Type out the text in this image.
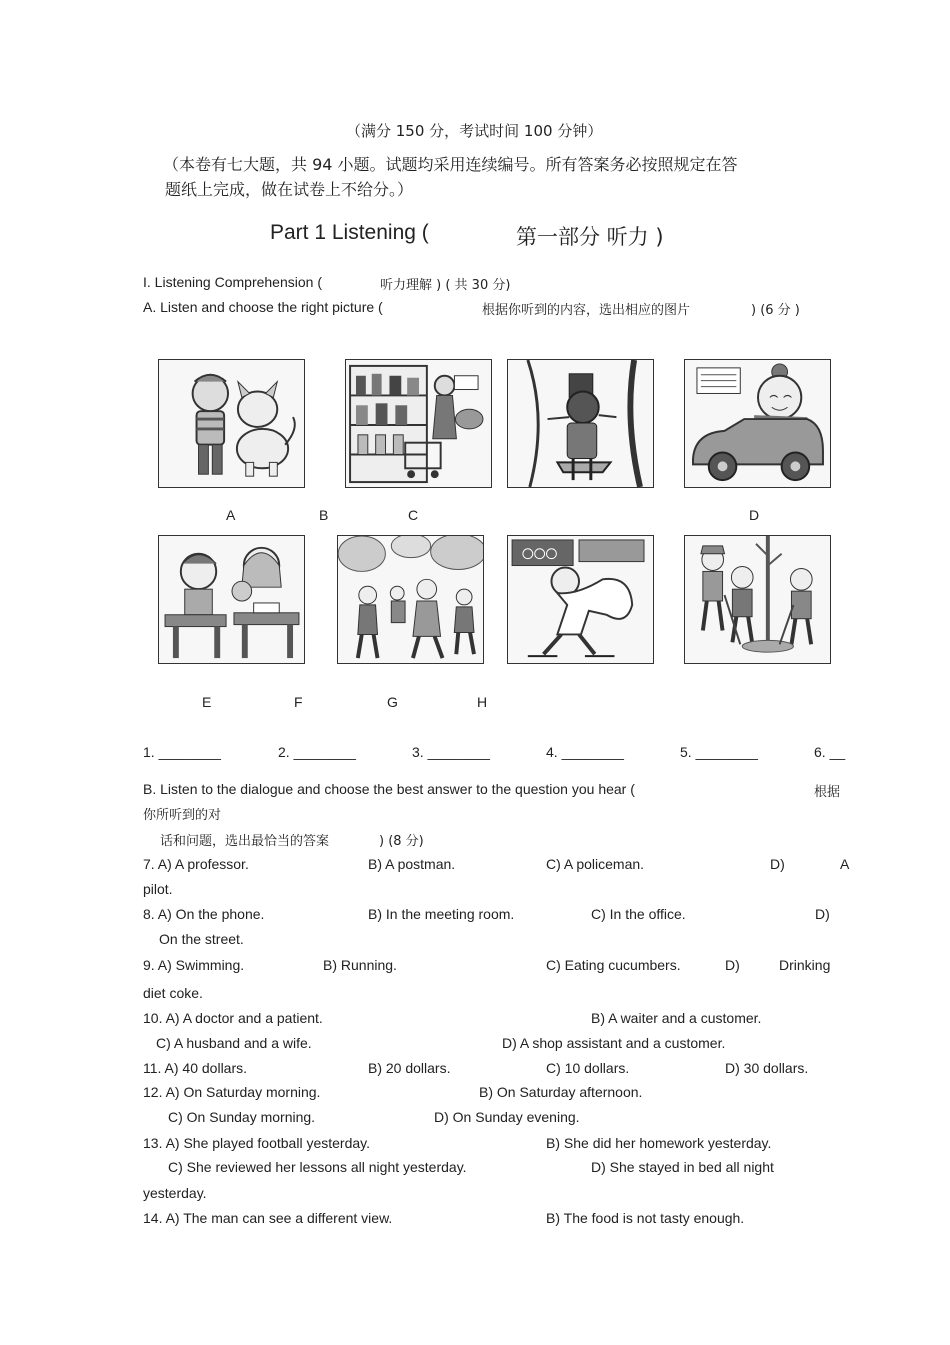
（满分 150 分，考试时间 100 分钟）
（本卷有七大题，共 94 小题。试题均采用连续编号。所有答案务必按照规定在答
题纸上完成，做在试卷上不给分。）
Part 1 Listening (	第一部分 听力 )
I. Listening Comprehension (	听力理解 ) ( 共 30 分)
A. Listen and choose the right picture (	根据你听到的内容，选出相应的图片	) (6 分 )
A	B	C	D
E	F	G	H
1. ________	2. ________	3. ________	4. ________	5. ________	6. __
B. Listen to the dialogue and choose the best answer to the question you hear (	根据
你所听到的对
话和问题，选出最恰当的答案	) (8 分)
7. A) A professor.	B) A postman.	C) A policeman.	D)	A
pilot.
8. A) On the phone.	B) In the meeting room.	C) In the office.	D)
On the street.
9. A) Swimming.	B) Running.	C) Eating cucumbers.	D)	Drinking
diet coke.
10. A) A doctor and a patient.	B) A waiter and a customer.
C) A husband and a wife.	D) A shop assistant and a customer.
11. A) 40 dollars.	B) 20 dollars.	C) 10 dollars.	D) 30 dollars.
12. A) On Saturday morning.	B) On Saturday afternoon.
C) On Sunday morning.	D) On Sunday evening.
13. A) She played football yesterday.	B) She did her homework yesterday.
C) She reviewed her lessons all night yesterday.	D) She stayed in bed all night
yesterday.
14. A) The man can see a different view.	B) The food is not tasty enough.
